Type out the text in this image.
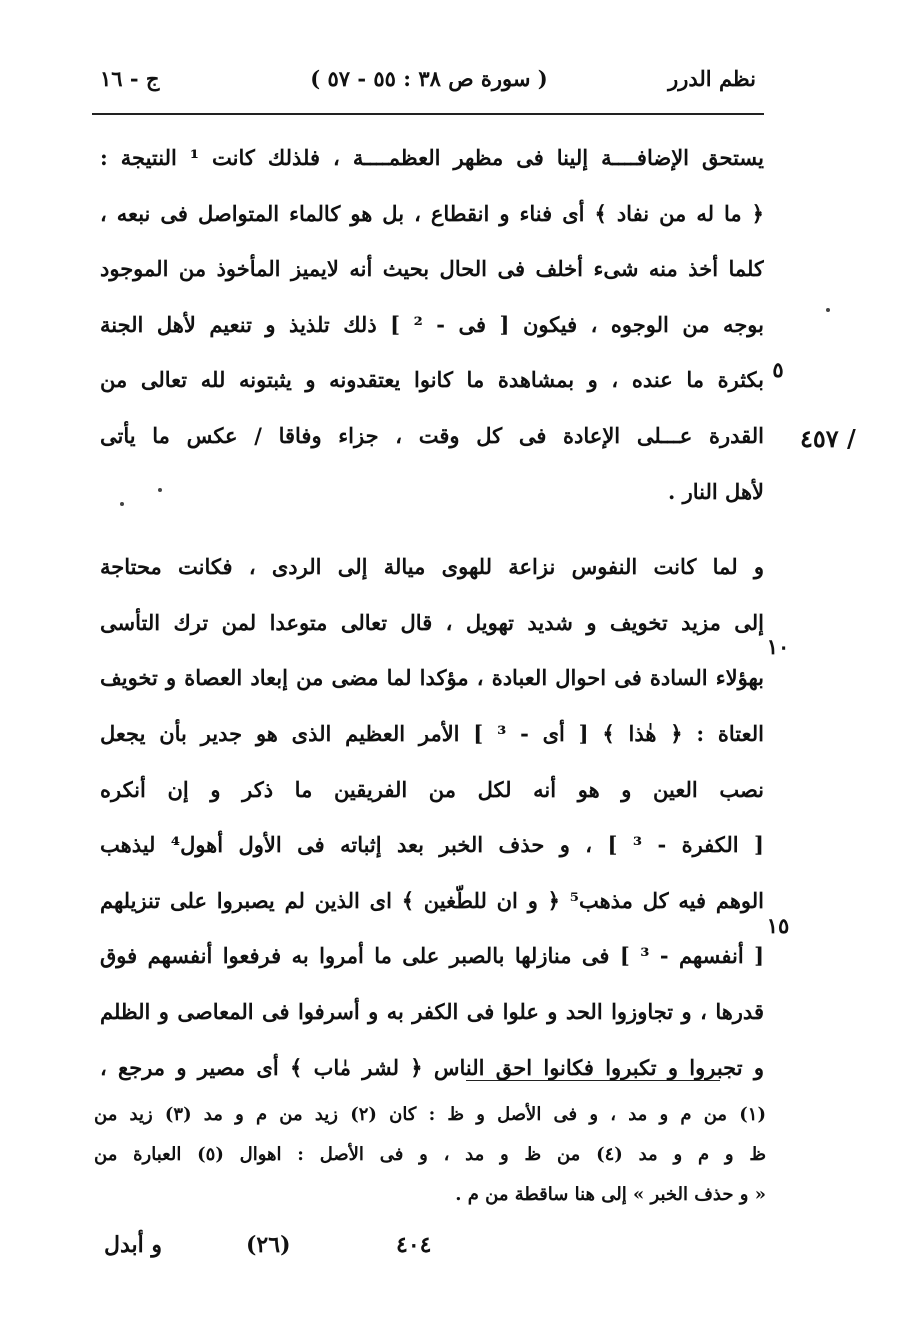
نظم الدرر
( سورة ص ٣٨ : ٥٥ - ٥٧ )
ج - ١٦
يستحق الإضافــــة إلينا فى مظهر العظمــــة ، فلذلك كانت ¹ النتيجة :
﴿ ما له من نفاد ﴾ أى فناء و انقطاع ، بل هو كالماء المتواصل فى نبعه ،
كلما أخذ منه شىء أخلف فى الحال بحيث أنه لايميز المأخوذ من الموجود
بوجه من الوجوه ، فيكون [ فى - ² ] ذلك تلذيذ و تنعيم لأهل الجنة
بكثرة ما عنده ، و بمشاهدة ما كانوا يعتقدونه و يثبتونه لله تعالى من
القدرة عـــلى الإعادة فى كل وقت ، جزاء وفاقا / عكس ما يأتى
لأهل النار .
و لما كانت النفوس نزاعة للهوى ميالة إلى الردى ، فكانت محتاجة
إلى مزيد تخويف و شديد تهويل ، قال تعالى متوعدا لمن ترك التأسى
بهؤلاء السادة فى احوال العبادة ، مؤكدا لما مضى من إبعاد العصاة و تخويف
العتاة : ﴿ هٰذا ﴾ [ أى - ³ ] الأمر العظيم الذى هو جدير بأن يجعل
نصب العين و هو أنه لكل من الفريقين ما ذكر و إن أنكره
[ الكفرة - ³ ] ، و حذف الخبر بعد إثباته فى الأول أهول⁴ ليذهب
الوهم فيه كل مذهب⁵ ﴿ و ان للطّغين ﴾ اى الذين لم يصبروا على تنزيلهم
[ أنفسهم - ³ ] فى منازلها بالصبر على ما أمروا به فرفعوا أنفسهم فوق
قدرها ، و تجاوزوا الحد و علوا فى الكفر به و أسرفوا فى المعاصى و الظلم
و تجبروا و تكبروا فكانوا احق الناس ﴿ لشر مٰاب ﴾ أى مصير و مرجع ،
٥
١٠
١٥
/ ٤٥٧
(١) من م و مد ، و فى الأصل و ظ : كان (٢) زيد من م و مد (٣) زيد من
ظ و م و مد (٤) من ظ و مد ، و فى الأصل : اهوال (٥) العبارة من
« و حذف الخبر » إلى هنا ساقطة من م .
٤٠٤
(٢٦)
و أبدل
